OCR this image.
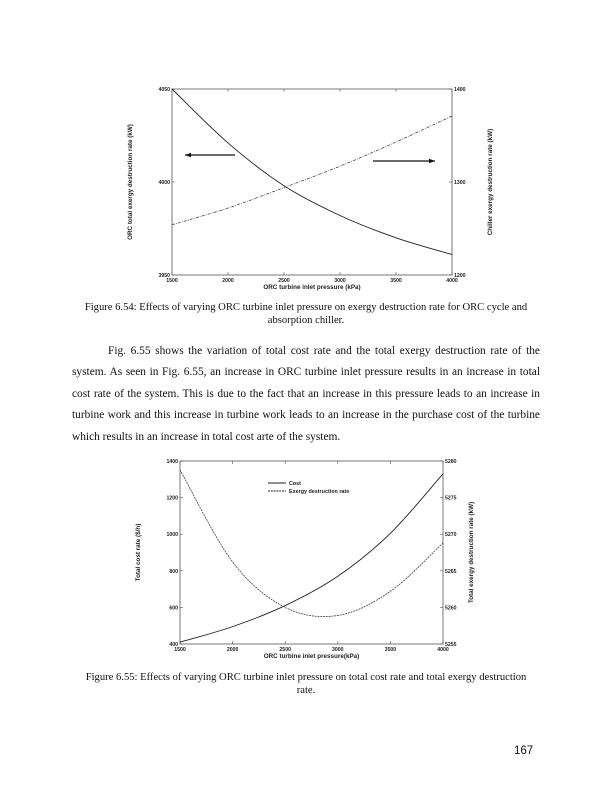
1500	2000	2500	3000	3500	4000
3950
4000
4050
1200
1300
1400
ORC turbine inlet pressure (kPa)
ORC total exergy destruction rate (kW)	Chiller exergy destruction rate (kW)
Figure 6.54: Effects of varying ORC turbine inlet pressure on exergy destruction rate for ORC cycle and
absorption chiller.

Fig. 6.55 shows the variation of total cost rate and the total exergy destruction rate of the system. As seen in Fig. 6.55, an increase in ORC turbine inlet pressure results in an increase in total cost rate of the system. This is due to the fact that an increase in this pressure leads to an increase in turbine work and this increase in turbine work leads to an increase in the purchase cost of the turbine which results in an increase in total cost arte of the system.

1500	2000	2500	3000	3500	4000
400
600
800
1000
1200
1400
5255
5260
5265
5270
5275
5280
ORC turbine inlet pressure(kPa)
Total cost rate ($/h)	Total exergy destruction rate (kW)
Cost
Exergy destruction rate
Figure 6.55: Effects of varying ORC turbine inlet pressure on total cost rate and total exergy destruction
rate.
167
